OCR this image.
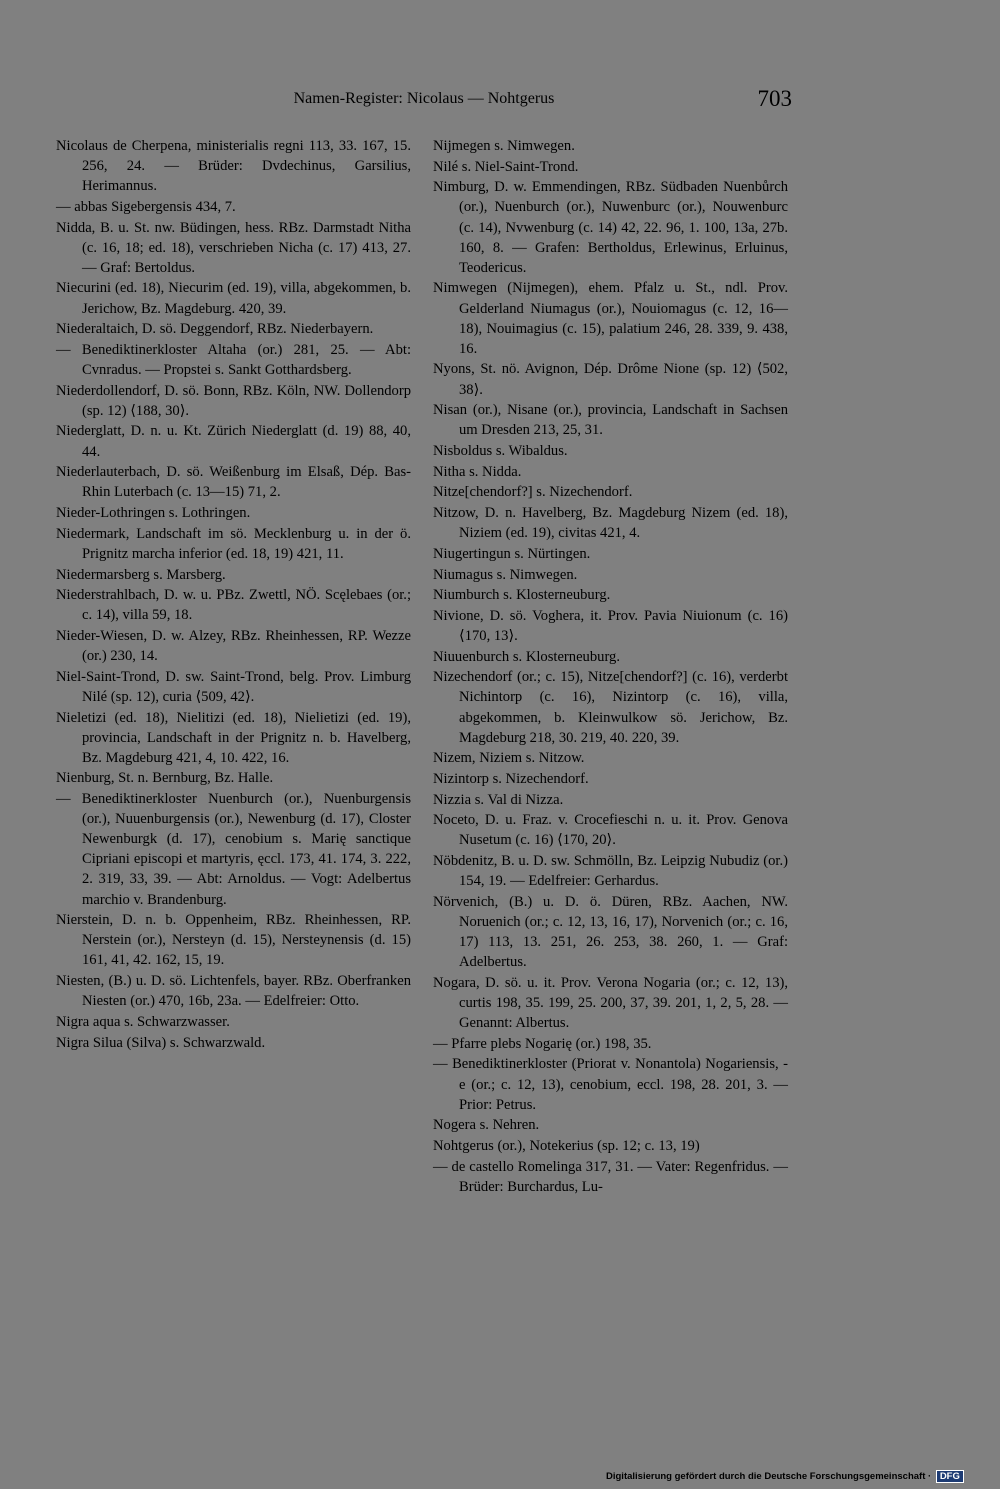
Namen-Register: Nicolaus — Nohtgerus	703

Nicolaus de Cherpena, ministerialis regni 113, 33. 167, 15. 256, 24. — Brüder: Dvdechinus, Garsilius, Herimannus.

— abbas Sigebergensis 434, 7.

Nidda, B. u. St. nw. Büdingen, hess. RBz. Darmstadt Nitha (c. 16, 18; ed. 18), verschrieben Nicha (c. 17) 413, 27. — Graf: Bertoldus.

Niecurini (ed. 18), Niecurim (ed. 19), villa, abgekommen, b. Jerichow, Bz. Magdeburg. 420, 39.

Niederaltaich, D. sö. Deggendorf, RBz. Niederbayern.

— Benediktinerkloster Altaha (or.) 281, 25. — Abt: Cvnradus. — Propstei s. Sankt Gotthardsberg.

Niederdollendorf, D. sö. Bonn, RBz. Köln, NW. Dollendorp (sp. 12) ⟨188, 30⟩.

Niederglatt, D. n. u. Kt. Zürich Niederglatt (d. 19) 88, 40, 44.

Niederlauterbach, D. sö. Weißenburg im Elsaß, Dép. Bas-Rhin Luterbach (c. 13—15) 71, 2.

Nieder-Lothringen s. Lothringen.

Niedermark, Landschaft im sö. Mecklenburg u. in der ö. Prignitz marcha inferior (ed. 18, 19) 421, 11.

Niedermarsberg s. Marsberg.

Niederstrahlbach, D. w. u. PBz. Zwettl, NÖ. Scęlebaes (or.; c. 14), villa 59, 18.

Nieder-Wiesen, D. w. Alzey, RBz. Rheinhessen, RP. Wezze (or.) 230, 14.

Niel-Saint-Trond, D. sw. Saint-Trond, belg. Prov. Limburg Nilé (sp. 12), curia ⟨509, 42⟩.

Nieletizi (ed. 18), Nielitizi (ed. 18), Nielietizi (ed. 19), provincia, Landschaft in der Prignitz n. b. Havelberg, Bz. Magdeburg 421, 4, 10. 422, 16.

Nienburg, St. n. Bernburg, Bz. Halle.

— Benediktinerkloster Nuenburch (or.), Nuenburgensis (or.), Nuuenburgensis (or.), Newenburg (d. 17), Closter Newenburgk (d. 17), cenobium s. Marię sanctique Cipriani episcopi et martyris, ęccl. 173, 41. 174, 3. 222, 2. 319, 33, 39. — Abt: Arnoldus. — Vogt: Adelbertus marchio v. Brandenburg.

Nierstein, D. n. b. Oppenheim, RBz. Rheinhessen, RP. Nerstein (or.), Nersteyn (d. 15), Nersteynensis (d. 15) 161, 41, 42. 162, 15, 19.

Niesten, (B.) u. D. sö. Lichtenfels, bayer. RBz. Oberfranken Niesten (or.) 470, 16b, 23a. — Edelfreier: Otto.

Nigra aqua s. Schwarzwasser.

Nigra Silua (Silva) s. Schwarzwald.

Nijmegen s. Nimwegen.

Nilé s. Niel-Saint-Trond.

Nimburg, D. w. Emmendingen, RBz. Südbaden Nuenbůrch (or.), Nuenburch (or.), Nuwenburc (or.), Nouwenburc (c. 14), Nvwenburg (c. 14) 42, 22. 96, 1. 100, 13a, 27b. 160, 8. — Grafen: Bertholdus, Erlewinus, Erluinus, Teodericus.

Nimwegen (Nijmegen), ehem. Pfalz u. St., ndl. Prov. Gelderland Niumagus (or.), Nouiomagus (c. 12, 16—18), Nouimagius (c. 15), palatium 246, 28. 339, 9. 438, 16.

Nyons, St. nö. Avignon, Dép. Drôme Nione (sp. 12) ⟨502, 38⟩.

Nisan (or.), Nisane (or.), provincia, Landschaft in Sachsen um Dresden 213, 25, 31.

Nisboldus s. Wibaldus.

Nitha s. Nidda.

Nitze[chendorf?] s. Nizechendorf.

Nitzow, D. n. Havelberg, Bz. Magdeburg Nizem (ed. 18), Niziem (ed. 19), civitas 421, 4.

Niugertingun s. Nürtingen.

Niumagus s. Nimwegen.

Niumburch s. Klosterneuburg.

Nivione, D. sö. Voghera, it. Prov. Pavia Niuionum (c. 16) ⟨170, 13⟩.

Niuuenburch s. Klosterneuburg.

Nizechendorf (or.; c. 15), Nitze[chendorf?] (c. 16), verderbt Nichintorp (c. 16), Nizintorp (c. 16), villa, abgekommen, b. Kleinwulkow sö. Jerichow, Bz. Magdeburg 218, 30. 219, 40. 220, 39.

Nizem, Niziem s. Nitzow.

Nizintorp s. Nizechendorf.

Nizzia s. Val di Nizza.

Noceto, D. u. Fraz. v. Crocefieschi n. u. it. Prov. Genova Nusetum (c. 16) ⟨170, 20⟩.

Nöbdenitz, B. u. D. sw. Schmölln, Bz. Leipzig Nubudiz (or.) 154, 19. — Edelfreier: Gerhardus.

Nörvenich, (B.) u. D. ö. Düren, RBz. Aachen, NW. Noruenich (or.; c. 12, 13, 16, 17), Norvenich (or.; c. 16, 17) 113, 13. 251, 26. 253, 38. 260, 1. — Graf: Adelbertus.

Nogara, D. sö. u. it. Prov. Verona Nogaria (or.; c. 12, 13), curtis 198, 35. 199, 25. 200, 37, 39. 201, 1, 2, 5, 28. — Genannt: Albertus.

— Pfarre plebs Nogarię (or.) 198, 35.

— Benediktinerkloster (Priorat v. Nonantola) Nogariensis, -e (or.; c. 12, 13), cenobium, eccl. 198, 28. 201, 3. — Prior: Petrus.

Nogera s. Nehren.

Nohtgerus (or.), Notekerius (sp. 12; c. 13, 19)

— de castello Romelinga 317, 31. — Vater: Regenfridus. — Brüder: Burchardus, Lu-

Digitalisierung gefördert durch die Deutsche Forschungsgemeinschaft · DFG
